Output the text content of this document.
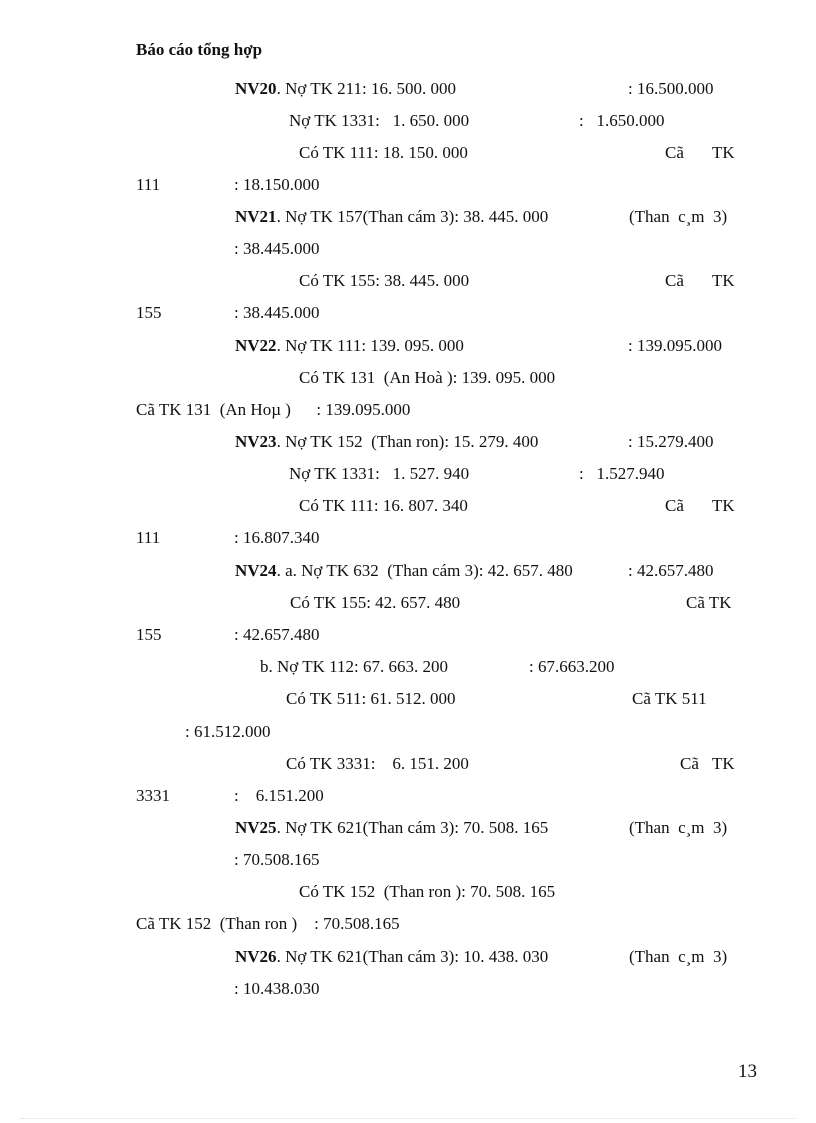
Báo cáo tổng hợp
NV20. Nợ TK 211: 16. 500. 000	: 16.500.000
Nợ TK 1331:   1. 650. 000	:   1.650.000
Có TK 111: 18. 150. 000	Cã TK
111	: 18.150.000
NV21. Nợ TK 157(Than cám 3): 38. 445. 000	(Than  c¸m  3)
: 38.445.000
Có TK 155: 38. 445. 000	Cã TK
155	: 38.445.000
NV22. Nợ TK 111: 139. 095. 000	: 139.095.000
Có TK 131  (An Hoà ): 139. 095. 000
Cã TK 131  (An Hoµ )      : 139.095.000
NV23. Nợ TK 152  (Than ron): 15. 279. 400	: 15.279.400
Nợ TK 1331:   1. 527. 940	:   1.527.940
Có TK 111: 16. 807. 340	Cã TK
111	: 16.807.340
NV24. a. Nợ TK 632  (Than cám 3): 42. 657. 480	: 42.657.480
Có TK 155: 42. 657. 480	Cã TK
155	: 42.657.480
b. Nợ TK 112: 67. 663. 200	: 67.663.200
Có TK 511: 61. 512. 000	Cã TK 511
: 61.512.000
Có TK 3331:    6. 151. 200	Cã TK
3331	:    6.151.200
NV25. Nợ TK 621(Than cám 3): 70. 508. 165	(Than  c¸m  3)
: 70.508.165
Có TK 152  (Than ron ): 70. 508. 165
Cã TK 152  (Than ron )    : 70.508.165
NV26. Nợ TK 621(Than cám 3): 10. 438. 030	(Than  c¸m  3)
: 10.438.030
13
